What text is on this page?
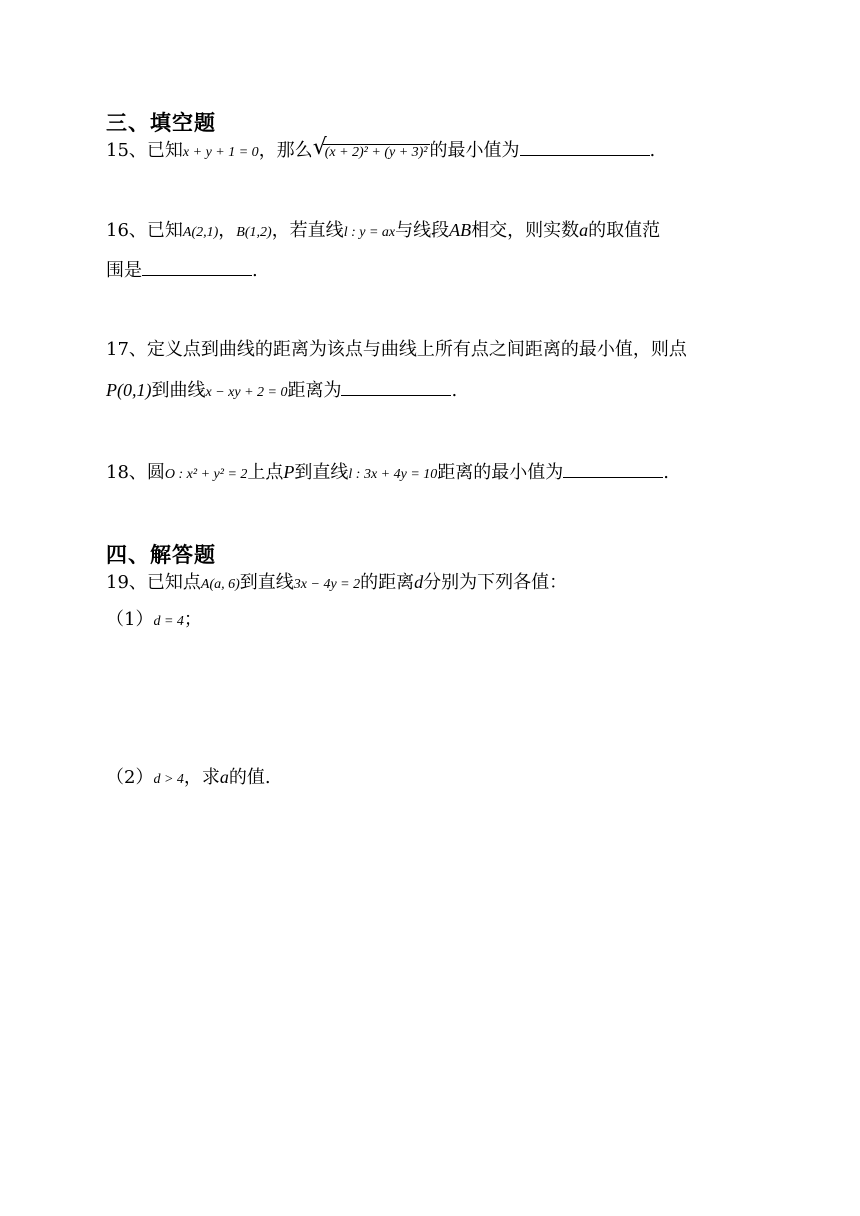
三、填空题
15、已知x + y + 1 = 0，那么 √
(x + 2)² + (y + 3)² 的最小值为	.
16、已知A(2,1)，B(1,2)，若直线l : y = ax与线段AB相交，则实数a的取值范
围是	.
17、定义点到曲线的距离为该点与曲线上所有点之间距离的最小值，则点
P(0,1)到曲线x − xy + 2 = 0距离为	.
18、圆O : x² + y² = 2上点P到直线l : 3x + 4y = 10距离的最小值为	.
四、解答题
19、已知点A(a, 6)到直线3x − 4y = 2的距离d分别为下列各值：
（1）d = 4；
（2）d > 4，求a的值.
